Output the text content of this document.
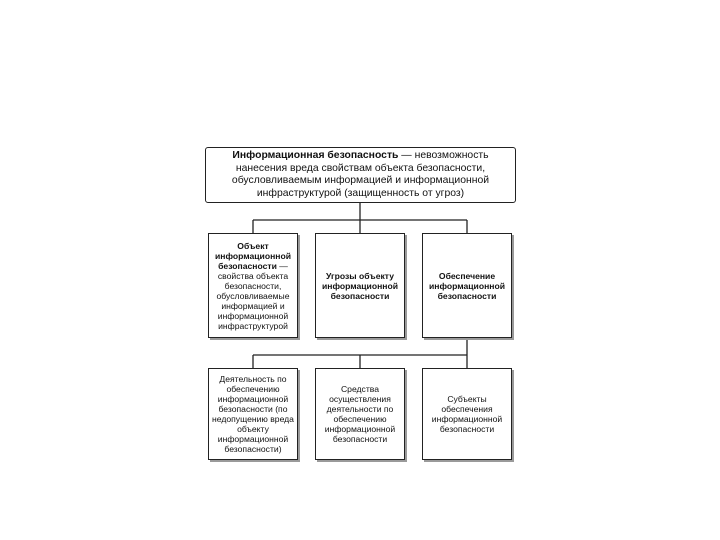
Информационная безопасность — невозможность нанесения вреда свойствам объекта безопасности, обусловливаемым информацией и информационной инфраструктурой (защищенность от угроз)
Объект информационной безопасности — свойства объекта безопасности, обусловливаемые информацией и информационной инфраструктурой
Угрозы объекту информационной безопасности
Обеспечение информационной безопасности
Деятельность по обеспечению информационной безопасности (по недопущению вреда объекту информационной безопасности)
Средства осуществления деятельности по обеспечению информационной безопасности
Субъекты обеспечения информационной безопасности
